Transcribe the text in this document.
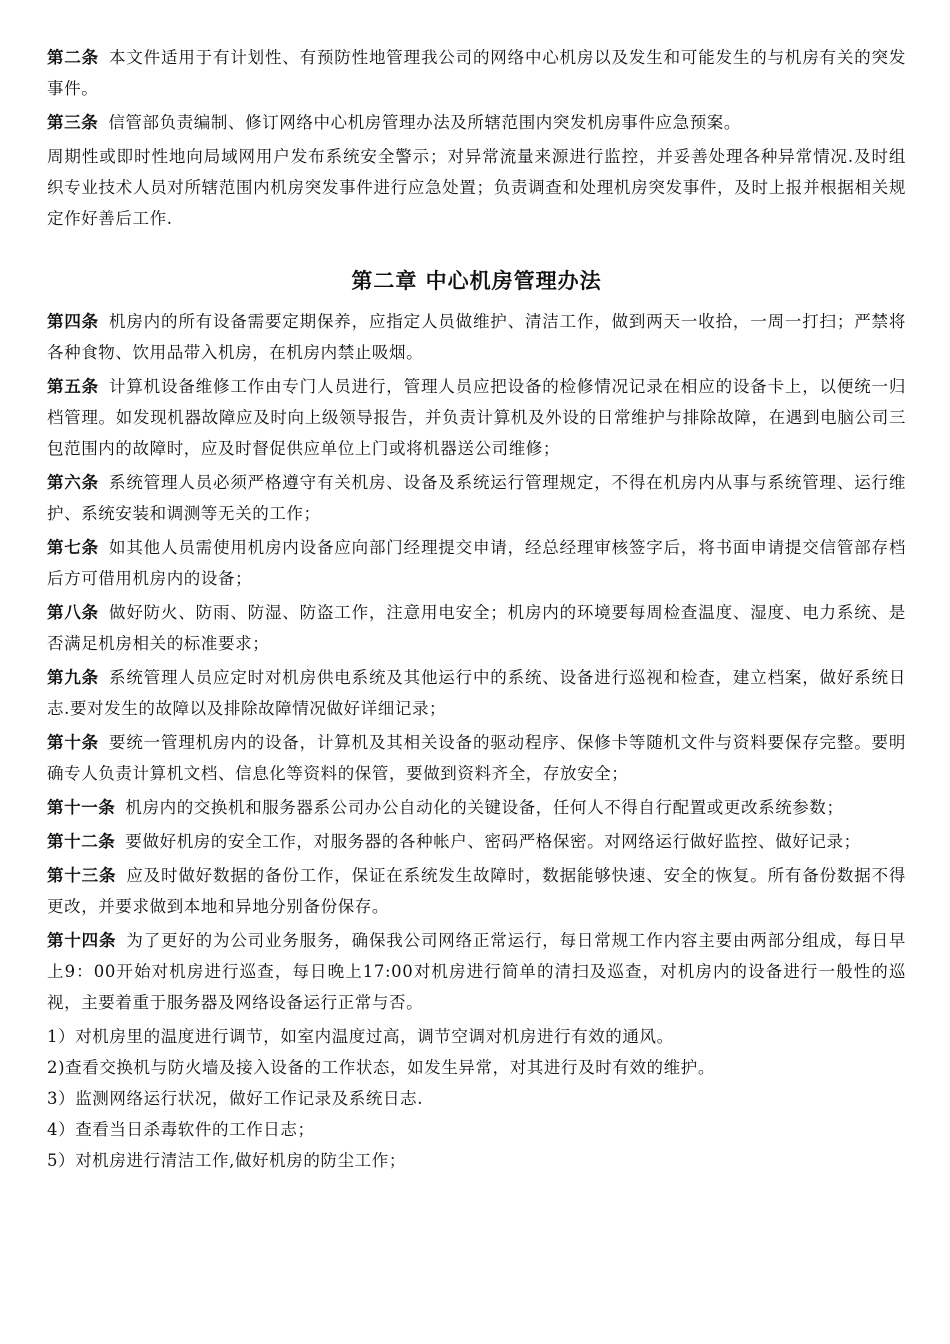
第二条 本文件适用于有计划性、有预防性地管理我公司的网络中心机房以及发生和可能发生的与机房有关的突发事件。

第三条 信管部负责编制、修订网络中心机房管理办法及所辖范围内突发机房事件应急预案。

周期性或即时性地向局域网用户发布系统安全警示；对异常流量来源进行监控，并妥善处理各种异常情况.及时组织专业技术人员对所辖范围内机房突发事件进行应急处置；负责调查和处理机房突发事件，及时上报并根据相关规定作好善后工作.

第二章 中心机房管理办法

第四条 机房内的所有设备需要定期保养，应指定人员做维护、清洁工作，做到两天一收拾，一周一打扫；严禁将各种食物、饮用品带入机房，在机房内禁止吸烟。

第五条 计算机设备维修工作由专门人员进行，管理人员应把设备的检修情况记录在相应的设备卡上，以便统一归档管理。如发现机器故障应及时向上级领导报告，并负责计算机及外设的日常维护与排除故障，在遇到电脑公司三包范围内的故障时，应及时督促供应单位上门或将机器送公司维修；

第六条 系统管理人员必须严格遵守有关机房、设备及系统运行管理规定，不得在机房内从事与系统管理、运行维护、系统安装和调测等无关的工作；

第七条 如其他人员需使用机房内设备应向部门经理提交申请，经总经理审核签字后，将书面申请提交信管部存档后方可借用机房内的设备；

第八条 做好防火、防雨、防湿、防盗工作，注意用电安全；机房内的环境要每周检查温度、湿度、电力系统、是否满足机房相关的标准要求；

第九条 系统管理人员应定时对机房供电系统及其他运行中的系统、设备进行巡视和检查，建立档案，做好系统日志.要对发生的故障以及排除故障情况做好详细记录；

第十条 要统一管理机房内的设备，计算机及其相关设备的驱动程序、保修卡等随机文件与资料要保存完整。要明确专人负责计算机文档、信息化等资料的保管，要做到资料齐全，存放安全；

第十一条 机房内的交换机和服务器系公司办公自动化的关键设备，任何人不得自行配置或更改系统参数；

第十二条 要做好机房的安全工作，对服务器的各种帐户、密码严格保密。对网络运行做好监控、做好记录；

第十三条 应及时做好数据的备份工作，保证在系统发生故障时，数据能够快速、安全的恢复。所有备份数据不得更改，并要求做到本地和异地分别备份保存。

第十四条 为了更好的为公司业务服务，确保我公司网络正常运行，每日常规工作内容主要由两部分组成，每日早上9：00开始对机房进行巡查，每日晚上17:00对机房进行简单的清扫及巡查，对机房内的设备进行一般性的巡视，主要着重于服务器及网络设备运行正常与否。

1）对机房里的温度进行调节，如室内温度过高，调节空调对机房进行有效的通风。

2)查看交换机与防火墙及接入设备的工作状态，如发生异常，对其进行及时有效的维护。

3）监测网络运行状况，做好工作记录及系统日志.

4）查看当日杀毒软件的工作日志；

5）对机房进行清洁工作,做好机房的防尘工作；
